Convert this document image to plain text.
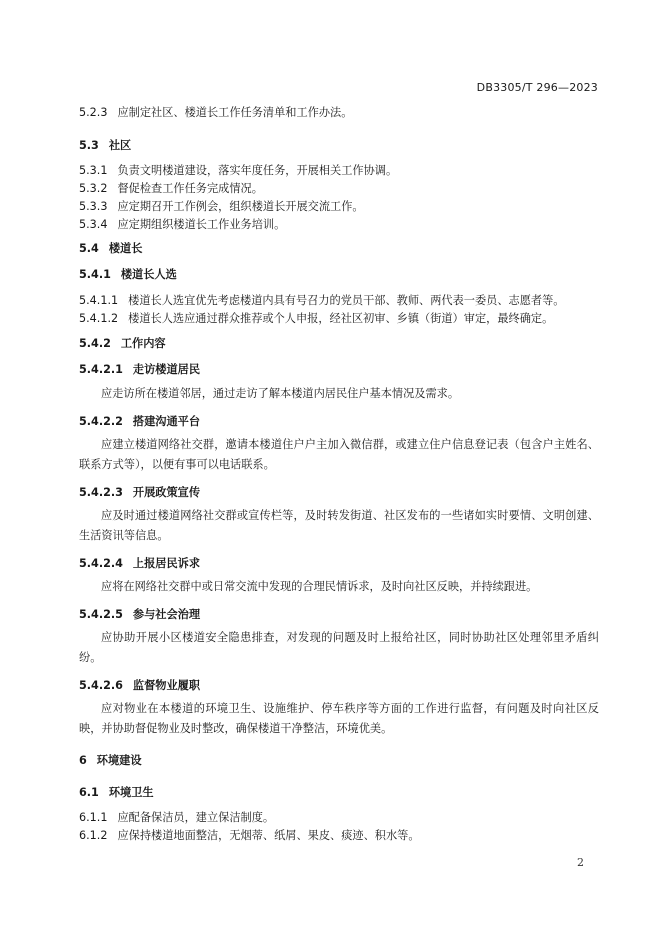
DB3305/T 296—2023
5.2.3 应制定社区、楼道长工作任务清单和工作办法。
5.3 社区
5.3.1 负责文明楼道建设，落实年度任务，开展相关工作协调。
5.3.2 督促检查工作任务完成情况。
5.3.3 应定期召开工作例会，组织楼道长开展交流工作。
5.3.4 应定期组织楼道长工作业务培训。
5.4 楼道长
5.4.1 楼道长人选
5.4.1.1 楼道长人选宜优先考虑楼道内具有号召力的党员干部、教师、两代表一委员、志愿者等。
5.4.1.2 楼道长人选应通过群众推荐或个人申报，经社区初审、乡镇（街道）审定，最终确定。
5.4.2 工作内容
5.4.2.1 走访楼道居民
应走访所在楼道邻居，通过走访了解本楼道内居民住户基本情况及需求。
5.4.2.2 搭建沟通平台
应建立楼道网络社交群，邀请本楼道住户户主加入微信群，或建立住户信息登记表（包含户主姓名、联系方式等），以便有事可以电话联系。
5.4.2.3 开展政策宣传
应及时通过楼道网络社交群或宣传栏等，及时转发街道、社区发布的一些诸如实时要情、文明创建、生活资讯等信息。
5.4.2.4 上报居民诉求
应将在网络社交群中或日常交流中发现的合理民情诉求，及时向社区反映，并持续跟进。
5.4.2.5 参与社会治理
应协助开展小区楼道安全隐患排查，对发现的问题及时上报给社区，同时协助社区处理邻里矛盾纠纷。
5.4.2.6 监督物业履职
应对物业在本楼道的环境卫生、设施维护、停车秩序等方面的工作进行监督，有问题及时向社区反映，并协助督促物业及时整改，确保楼道干净整洁，环境优美。
6 环境建设
6.1 环境卫生
6.1.1 应配备保洁员，建立保洁制度。
6.1.2 应保持楼道地面整洁，无烟蒂、纸屑、果皮、痰迹、积水等。
2
